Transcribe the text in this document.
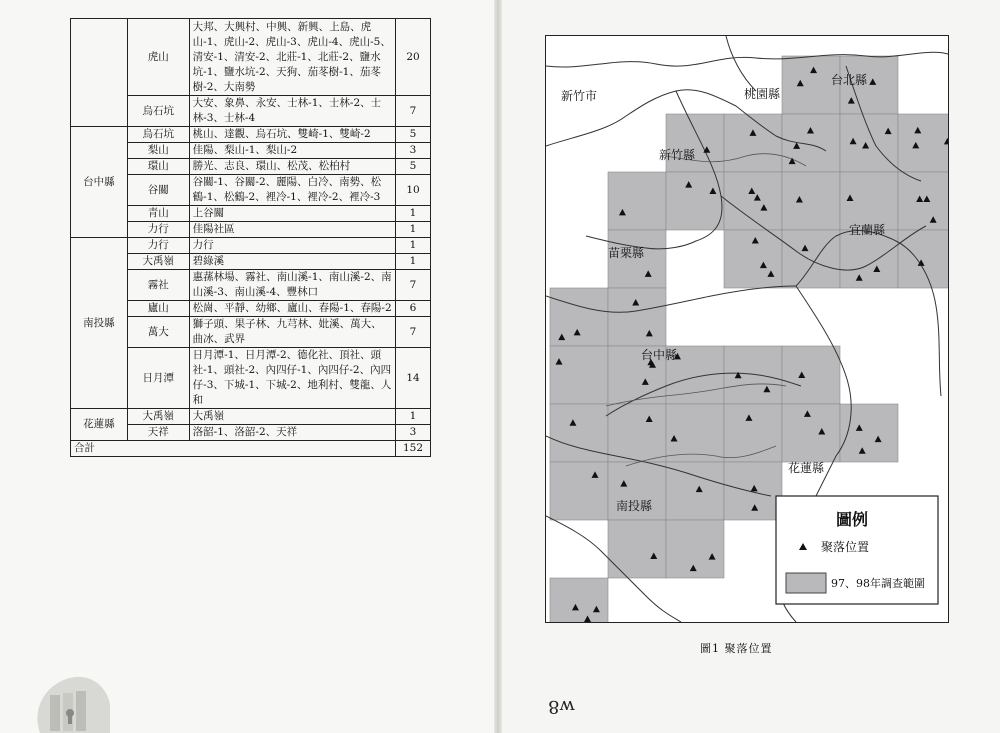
	虎山	大邦、大興村、中興、新興、上島、虎山-1、虎山-2、虎山-3、虎山-4、虎山-5、清安-1、清安-2、北莊-1、北莊-2、鹽水坑-1、鹽水坑-2、天狗、茄苳樹-1、茄苳樹-2、大南勢	20
	烏石坑	大安、象鼻、永安、士林-1、士林-2、士林-3、士林-4	7
台中縣	烏石坑	桃山、達觀、烏石坑、雙崎-1、雙崎-2	5
	梨山	佳陽、梨山-1、梨山-2	3
	環山	勝光、志良、環山、松茂、松柏村	5
	谷關	谷關-1、谷關-2、麗陽、白冷、南勢、松鶴-1、松鶴-2、裡冷-1、裡冷-2、裡冷-3	10
	青山	上谷關	1
	力行	佳陽社區	1
南投縣	力行	力行	1
	大禹嶺	碧綠溪	1
	霧社	惠蓀林場、霧社、南山溪-1、南山溪-2、南山溪-3、南山溪-4、豐林口	7
	廬山	松崗、平靜、幼鄉、廬山、春陽-1、春陽-2	6
	萬大	獅子頭、果子林、九芎林、妣溪、萬大、曲冰、武界	7
	日月潭	日月潭-1、日月潭-2、德化社、頂社、頭社-1、頭社-2、內四仔-1、內四仔-2、內四仔-3、下城-1、下城-2、地利村、雙龍、人和	14
花蓮縣	大禹嶺	大禹嶺	1
	天祥	洛韶-1、洛韶-2、天祥	3
合計			152
新竹市	桃園縣
台北縣
新竹縣
宜蘭縣
苗栗縣
台中縣
花蓮縣
南投縣
圖例
聚落位置
97、98年調查範圍
圖1 聚落位置
w8
